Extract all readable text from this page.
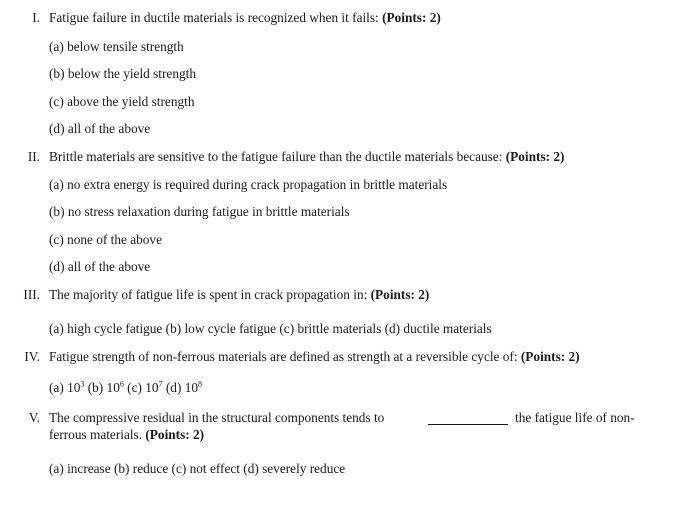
I. Fatigue failure in ductile materials is recognized when it fails: (Points: 2)
(a) below tensile strength
(b) below the yield strength
(c) above the yield strength
(d) all of the above
II. Brittle materials are sensitive to the fatigue failure than the ductile materials because: (Points: 2)
(a) no extra energy is required during crack propagation in brittle materials
(b) no stress relaxation during fatigue in brittle materials
(c) none of the above
(d) all of the above
III. The majority of fatigue life is spent in crack propagation in: (Points: 2)
(a) high cycle fatigue (b) low cycle fatigue (c) brittle materials (d) ductile materials
IV. Fatigue strength of non-ferrous materials are defined as strength at a reversible cycle of: (Points: 2)
(a) $10^3$ (b) $10^6$ (c) $10^7$ (d) $10^8$
V. The compressive residual in the structural components tends to	the fatigue life of non-
ferrous materials. (Points: 2)
(a) increase (b) reduce (c) not effect (d) severely reduce
